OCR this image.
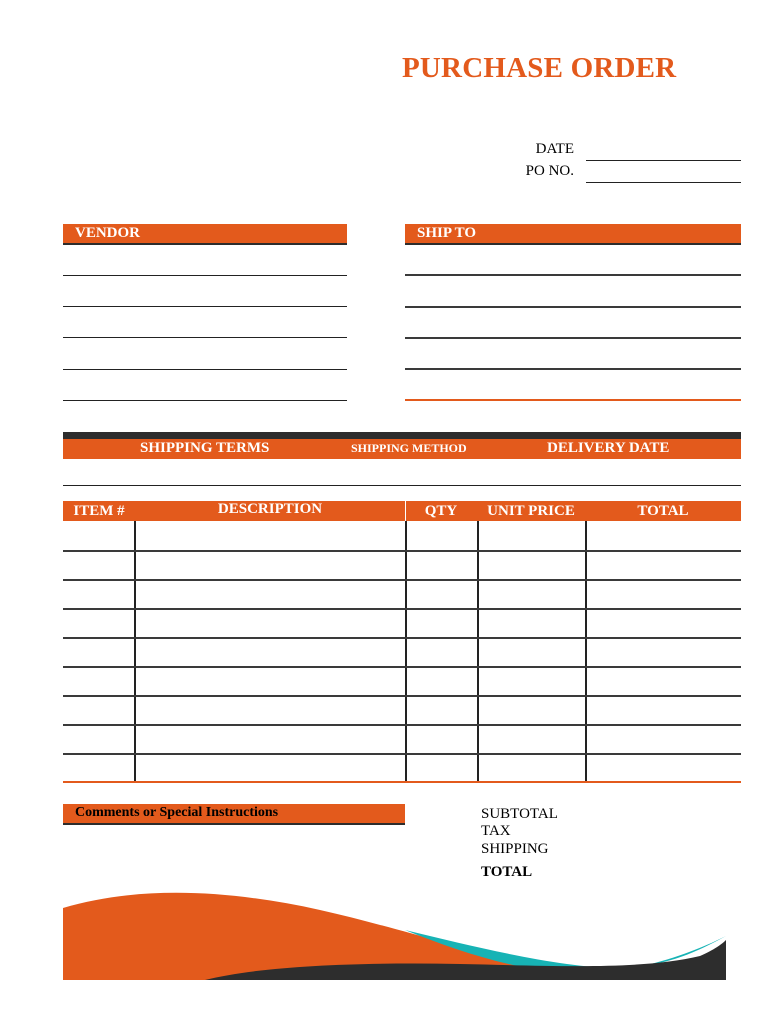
PURCHASE ORDER
DATE
PO NO.
VENDOR	SHIP TO
SHIPPING TERMS	SHIPPING METHOD	DELIVERY DATE
ITEM #	DESCRIPTION	QTY	UNIT PRICE	TOTAL
Comments or Special Instructions	SUBTOTAL
TAX
SHIPPING
TOTAL
